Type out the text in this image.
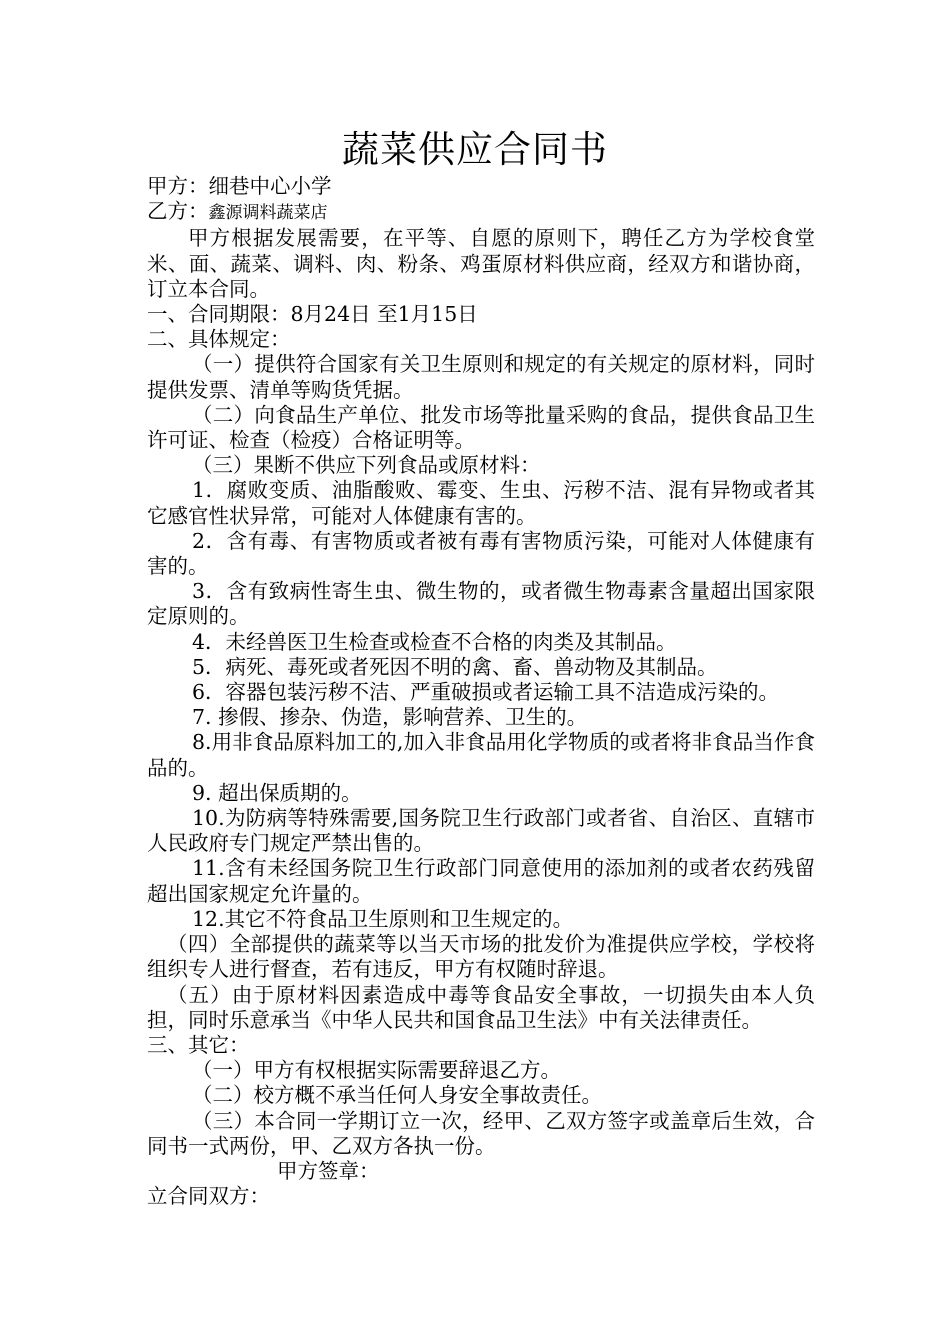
蔬菜供应合同书

甲方：细巷中心小学

乙方：鑫源调料蔬菜店

甲方根据发展需要，在平等、自愿的原则下，聘任乙方为学校食堂米、面、蔬菜、调料、肉、粉条、鸡蛋原材料供应商，经双方和谐协商，订立本合同。

一、合同期限：8月24日 至1月15日

二、具体规定：

（一）提供符合国家有关卫生原则和规定的有关规定的原材料，同时提供发票、清单等购货凭据。

（二）向食品生产单位、批发市场等批量采购的食品，提供食品卫生许可证、检查（检疫）合格证明等。

（三）果断不供应下列食品或原材料：

1．腐败变质、油脂酸败、霉变、生虫、污秽不洁、混有异物或者其它感官性状异常，可能对人体健康有害的。

2．含有毒、有害物质或者被有毒有害物质污染，可能对人体健康有害的。

3．含有致病性寄生虫、微生物的，或者微生物毒素含量超出国家限定原则的。

4．未经兽医卫生检查或检查不合格的肉类及其制品。

5．病死、毒死或者死因不明的禽、畜、兽动物及其制品。

6．容器包装污秽不洁、严重破损或者运输工具不洁造成污染的。

7. 掺假、掺杂、伪造，影响营养、卫生的。

8.用非食品原料加工的,加入非食品用化学物质的或者将非食品当作食品的。

9. 超出保质期的。

10.为防病等特殊需要,国务院卫生行政部门或者省、自治区、直辖市人民政府专门规定严禁出售的。

11.含有未经国务院卫生行政部门同意使用的添加剂的或者农药残留超出国家规定允许量的。

12.其它不符食品卫生原则和卫生规定的。

（四）全部提供的蔬菜等以当天市场的批发价为准提供应学校，学校将组织专人进行督查，若有违反，甲方有权随时辞退。

（五）由于原材料因素造成中毒等食品安全事故，一切损失由本人负担，同时乐意承当《中华人民共和国食品卫生法》中有关法律责任。

三、其它：

（一）甲方有权根据实际需要辞退乙方。

（二）校方概不承当任何人身安全事故责任。

（三）本合同一学期订立一次，经甲、乙双方签字或盖章后生效，合同书一式两份，甲、乙双方各执一份。

甲方签章：

立合同双方：
